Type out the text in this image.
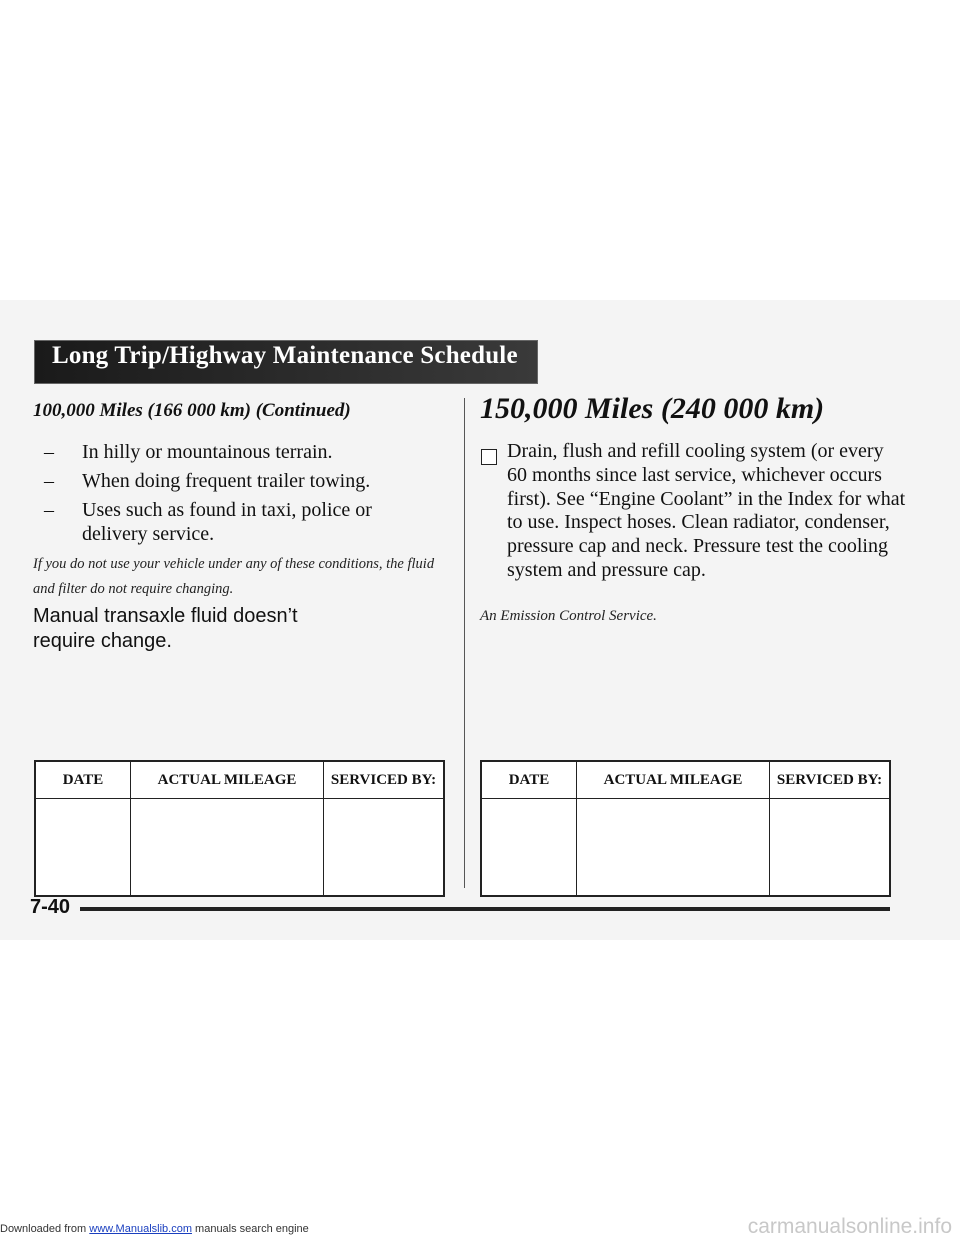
Long Trip/Highway Maintenance Schedule
100,000 Miles (166 000 km) (Continued)
– In hilly or mountainous terrain.
– When doing frequent trailer towing.
– Uses such as found in taxi, police or
delivery service.
If you do not use your vehicle under any of these conditions, the fluid and filter do not require changing.
Manual transaxle fluid doesn’t require change.
DATE	ACTUAL MILEAGE	SERVICED BY:

150,000 Miles (240 000 km)
Drain, flush and refill cooling system (or every 60 months since last service, whichever occurs first). See “Engine Coolant” in the Index for what to use. Inspect hoses. Clean radiator, condenser, pressure cap and neck. Pressure test the cooling system and pressure cap.
An Emission Control Service.
DATE	ACTUAL MILEAGE	SERVICED BY:

7-40
Downloaded from www.Manualslib.com manuals search engine	carmanualsonline.info
